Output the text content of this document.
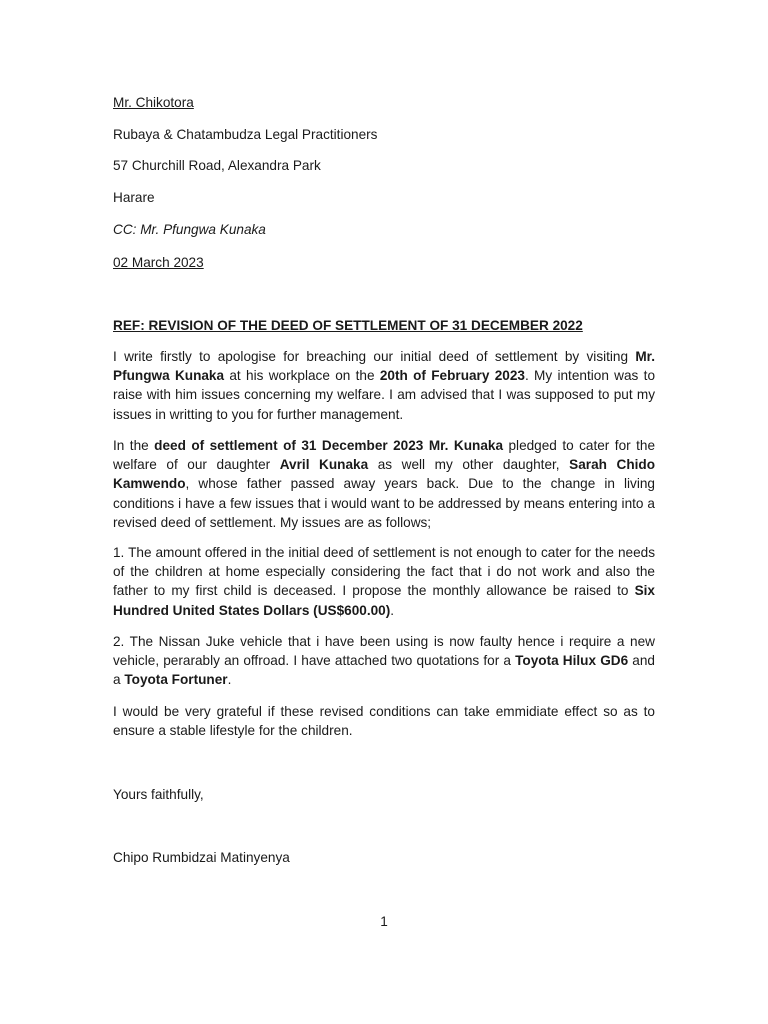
Mr. Chikotora
Rubaya & Chatambudza Legal Practitioners
57 Churchill Road, Alexandra Park
Harare
CC: Mr. Pfungwa Kunaka
02 March 2023
REF: REVISION OF THE DEED OF SETTLEMENT OF 31 DECEMBER 2022
I write firstly to apologise for breaching our initial deed of settlement by visiting Mr. Pfungwa Kunaka at his workplace on the 20th of February 2023. My intention was to raise with him issues concerning my welfare. I am advised that I was supposed to put my issues in writting to you for further management.
In the deed of settlement of 31 December 2023 Mr. Kunaka pledged to cater for the welfare of our daughter Avril Kunaka as well my other daughter, Sarah Chido Kamwendo, whose father passed away years back. Due to the change in living conditions i have a few issues that i would want to be addressed by means entering into a revised deed of settlement. My issues are as follows;
1. The amount offered in the initial deed of settlement is not enough to cater for the needs of the children at home especially considering the fact that i do not work and also the father to my first child is deceased. I propose the monthly allowance be raised to Six Hundred United States Dollars (US$600.00).
2. The Nissan Juke vehicle that i have been using is now faulty hence i require a new vehicle, perarably an offroad. I have attached two quotations for a Toyota Hilux GD6 and a Toyota Fortuner.
I would be very grateful if these revised conditions can take emmidiate effect so as to ensure a stable lifestyle for the children.
Yours faithfully,
Chipo Rumbidzai Matinyenya
1
